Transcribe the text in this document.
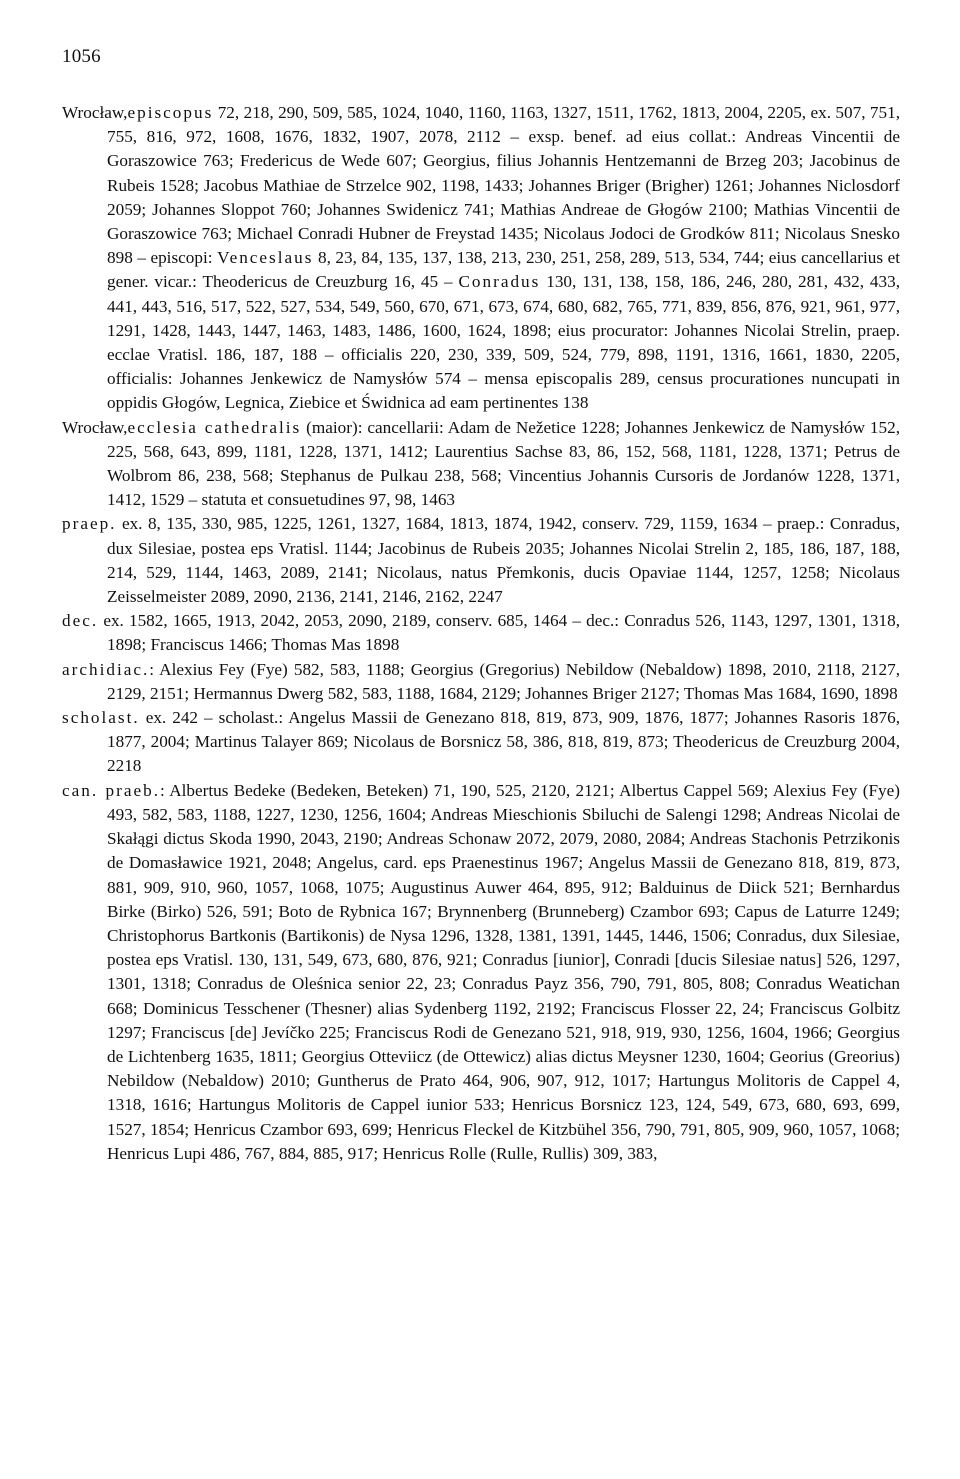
1056

Wrocław,episcopus 72, 218, 290, 509, 585, 1024, 1040, 1160, 1163, 1327, 1511, 1762, 1813, 2004, 2205, ex. 507, 751, 755, 816, 972, 1608, 1676, 1832, 1907, 2078, 2112 – exsp. benef. ad eius collat.: Andreas Vincentii de Goraszowice 763; Fredericus de Wede 607; Georgius, filius Johannis Hentzemanni de Brzeg 203; Jacobinus de Rubeis 1528; Jacobus Mathiae de Strzelce 902, 1198, 1433; Johannes Briger (Brigher) 1261; Johannes Niclosdorf 2059; Johannes Sloppot 760; Johannes Swidenicz 741; Mathias Andreae de Głogów 2100; Mathias Vincentii de Goraszowice 763; Michael Conradi Hubner de Freystad 1435; Nicolaus Jodoci de Grodków 811; Nicolaus Snesko 898 – episcopi: Venceslaus 8, 23, 84, 135, 137, 138, 213, 230, 251, 258, 289, 513, 534, 744; eius cancellarius et gener. vicar.: Theodericus de Creuzburg 16, 45 – Conradus 130, 131, 138, 158, 186, 246, 280, 281, 432, 433, 441, 443, 516, 517, 522, 527, 534, 549, 560, 670, 671, 673, 674, 680, 682, 765, 771, 839, 856, 876, 921, 961, 977, 1291, 1428, 1443, 1447, 1463, 1483, 1486, 1600, 1624, 1898; eius procurator: Johannes Nicolai Strelin, praep. ecclae Vratisl. 186, 187, 188 – officialis 220, 230, 339, 509, 524, 779, 898, 1191, 1316, 1661, 1830, 2205, officialis: Johannes Jenkewicz de Namysłów 574 – mensa episcopalis 289, census procurationes nuncupati in oppidis Głogów, Legnica, Ziebice et Świdnica ad eam pertinentes 138

Wrocław,ecclesia cathedralis (maior): cancellarii: Adam de Nežetice 1228; Johannes Jenkewicz de Namysłów 152, 225, 568, 643, 899, 1181, 1228, 1371, 1412; Laurentius Sachse 83, 86, 152, 568, 1181, 1228, 1371; Petrus de Wolbrom 86, 238, 568; Stephanus de Pulkau 238, 568; Vincentius Johannis Cursoris de Jordanów 1228, 1371, 1412, 1529 – statuta et consuetudines 97, 98, 1463

praep. ex. 8, 135, 330, 985, 1225, 1261, 1327, 1684, 1813, 1874, 1942, conserv. 729, 1159, 1634 – praep.: Conradus, dux Silesiae, postea eps Vratisl. 1144; Jacobinus de Rubeis 2035; Johannes Nicolai Strelin 2, 185, 186, 187, 188, 214, 529, 1144, 1463, 2089, 2141; Nicolaus, natus Přemkonis, ducis Opaviae 1144, 1257, 1258; Nicolaus Zeisselmeister 2089, 2090, 2136, 2141, 2146, 2162, 2247

dec. ex. 1582, 1665, 1913, 2042, 2053, 2090, 2189, conserv. 685, 1464 – dec.: Conradus 526, 1143, 1297, 1301, 1318, 1898; Franciscus 1466; Thomas Mas 1898

archidiac.: Alexius Fey (Fye) 582, 583, 1188; Georgius (Gregorius) Nebildow (Nebaldow) 1898, 2010, 2118, 2127, 2129, 2151; Hermannus Dwerg 582, 583, 1188, 1684, 2129; Johannes Briger 2127; Thomas Mas 1684, 1690, 1898

scholast. ex. 242 – scholast.: Angelus Massii de Genezano 818, 819, 873, 909, 1876, 1877; Johannes Rasoris 1876, 1877, 2004; Martinus Talayer 869; Nicolaus de Borsnicz 58, 386, 818, 819, 873; Theodericus de Creuzburg 2004, 2218

can. praeb.: Albertus Bedeke (Bedeken, Beteken) 71, 190, 525, 2120, 2121; Albertus Cappel 569; Alexius Fey (Fye) 493, 582, 583, 1188, 1227, 1230, 1256, 1604; Andreas Mieschionis Sbiluchi de Salengi 1298; Andreas Nicolai de Skałągi dictus Skoda 1990, 2043, 2190; Andreas Schonaw 2072, 2079, 2080, 2084; Andreas Stachonis Petrzikonis de Domasławice 1921, 2048; Angelus, card. eps Praenestinus 1967; Angelus Massii de Genezano 818, 819, 873, 881, 909, 910, 960, 1057, 1068, 1075; Augustinus Auwer 464, 895, 912; Balduinus de Diick 521; Bernhardus Birke (Birko) 526, 591; Boto de Rybnica 167; Brynnenberg (Brunneberg) Czambor 693; Capus de Laturre 1249; Christophorus Bartkonis (Bartikonis) de Nysa 1296, 1328, 1381, 1391, 1445, 1446, 1506; Conradus, dux Silesiae, postea eps Vratisl. 130, 131, 549, 673, 680, 876, 921; Conradus [iunior], Conradi [ducis Silesiae natus] 526, 1297, 1301, 1318; Conradus de Oleśnica senior 22, 23; Conradus Payz 356, 790, 791, 805, 808; Conradus Weatichan 668; Dominicus Tesschener (Thesner) alias Sydenberg 1192, 2192; Franciscus Flosser 22, 24; Franciscus Golbitz 1297; Franciscus [de] Jevíčko 225; Franciscus Rodi de Genezano 521, 918, 919, 930, 1256, 1604, 1966; Georgius de Lichtenberg 1635, 1811; Georgius Otteviicz (de Ottewicz) alias dictus Meysner 1230, 1604; Georius (Greorius) Nebildow (Nebaldow) 2010; Guntherus de Prato 464, 906, 907, 912, 1017; Hartungus Molitoris de Cappel 4, 1318, 1616; Hartungus Molitoris de Cappel iunior 533; Henricus Borsnicz 123, 124, 549, 673, 680, 693, 699, 1527, 1854; Henricus Czambor 693, 699; Henricus Fleckel de Kitzbühel 356, 790, 791, 805, 909, 960, 1057, 1068; Henricus Lupi 486, 767, 884, 885, 917; Henricus Rolle (Rulle, Rullis) 309, 383,
